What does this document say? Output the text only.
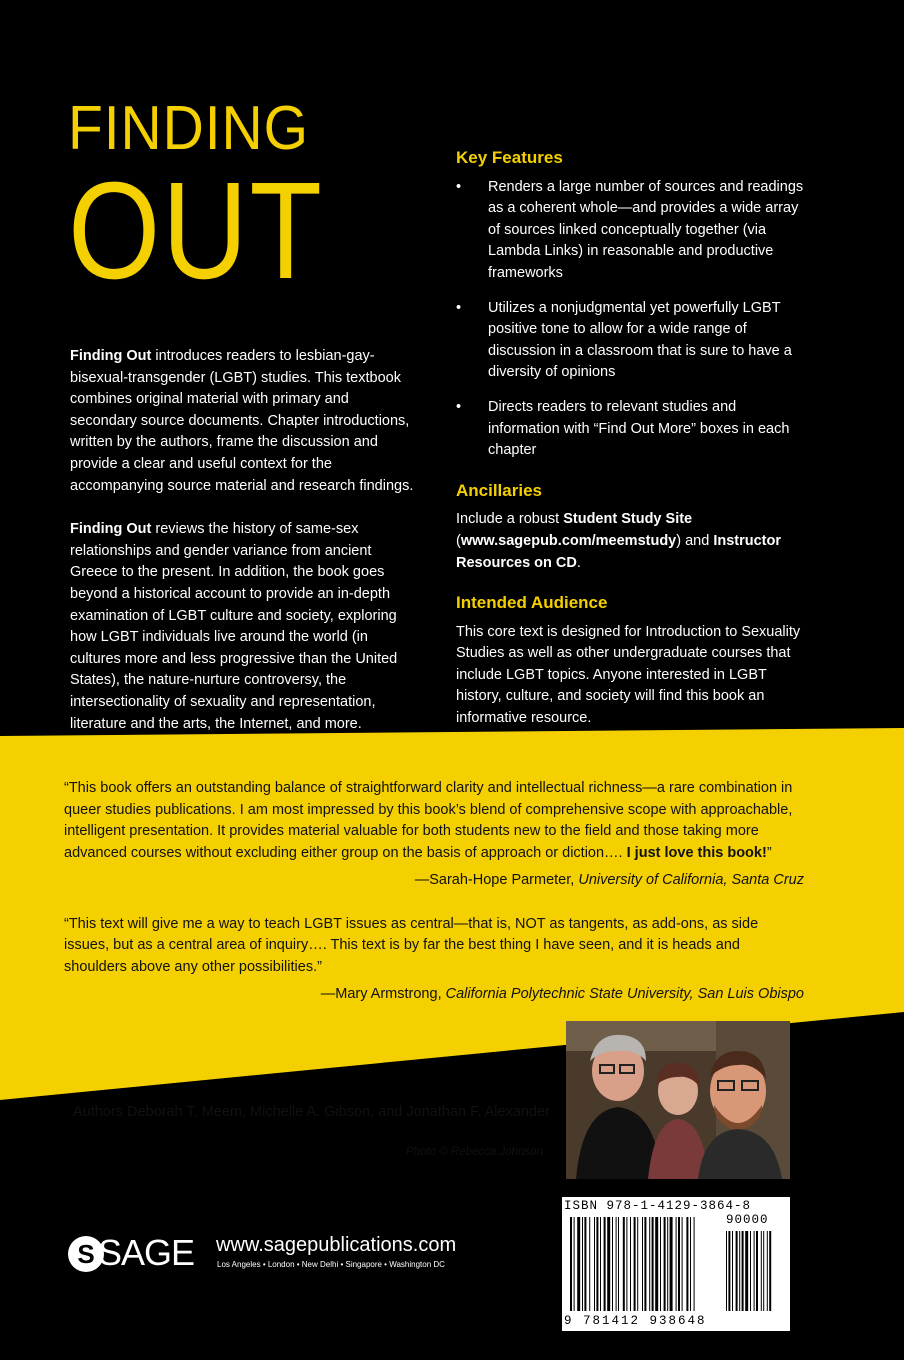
FINDING
OUT

Finding Out introduces readers to lesbian-gay-bisexual-transgender (LGBT) studies. This textbook combines original material with primary and secondary source documents. Chapter introductions, written by the authors, frame the discussion and provide a clear and useful context for the accompanying source material and research findings.

Finding Out reviews the history of same-sex relationships and gender variance from ancient Greece to the present. In addition, the book goes beyond a historical account to provide an in-depth examination of LGBT culture and society, exploring how LGBT individuals live around the world (in cultures more and less progressive than the United States), the nature-nurture controversy, the intersectionality of sexuality and representation, literature and the arts, the Internet, and more.

Key Features
• Renders a large number of sources and readings as a coherent whole—and provides a wide array of sources linked conceptually together (via Lambda Links) in reasonable and productive frameworks
• Utilizes a nonjudgmental yet powerfully LGBT positive tone to allow for a wide range of discussion in a classroom that is sure to have a diversity of opinions
• Directs readers to relevant studies and information with “Find Out More” boxes in each chapter
Ancillaries
Include a robust Student Study Site (www.sagepub.com/meemstudy) and Instructor Resources on CD.
Intended Audience
This core text is designed for Introduction to Sexuality Studies as well as other undergraduate courses that include LGBT topics. Anyone interested in LGBT history, culture, and society will find this book an informative resource.

“This book offers an outstanding balance of straightforward clarity and intellectual richness—a rare combination in queer studies publications. I am most impressed by this book’s blend of comprehensive scope with approachable, intelligent presentation. It provides material valuable for both students new to the field and those taking more advanced courses without excluding either group on the basis of approach or diction…. I just love this book!”

—Sarah-Hope Parmeter, University of California, Santa Cruz

“This text will give me a way to teach LGBT issues as central—that is, NOT as tangents, as add-ons, as side issues, but as a central area of inquiry…. This text is by far the best thing I have seen, and it is heads and shoulders above any other possibilities.”

—Mary Armstrong, California Polytechnic State University, San Luis Obispo
Authors Deborah T. Meem, Michelle A. Gibson, and Jonathan F. Alexander
Photo © Rebecca Johnson
S SAGE www.sagepublications.com
Los Angeles • London • New Delhi • Singapore • Washington DC
ISBN 978-1-4129-3864-8
90000
9 781412 938648
